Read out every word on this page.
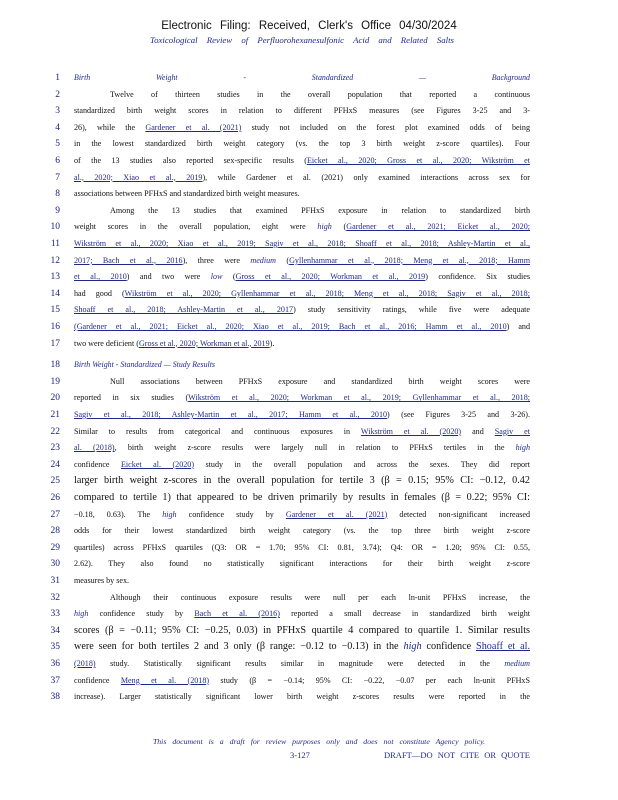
Electronic Filing: Received, Clerk's Office 04/30/2024
Toxicological Review of Perfluorohexanesulfonic Acid and Related Salts
1 Birth Weight - Standardized — Background
2	Twelve of thirteen studies in the overall population that reported a continuous
3 standardized birth weight scores in relation to different PFHxS measures (see Figures 3-25 and 3-
4 26), while the Gardener et al. (2021) study not included on the forest plot examined odds of being
5 in the lowest standardized birth weight category (vs. the top 3 birth weight z-score quartiles). Four
6 of the 13 studies also reported sex-specific results (Eicket al., 2020; Gross et al., 2020; Wikström et
7 al., 2020; Xiao et al., 2019), while Gardener et al. (2021) only examined interactions across sex for
8 associations between PFHxS and standardized birth weight measures.
9	Among the 13 studies that examined PFHxS exposure in relation to standardized birth
10 weight scores in the overall population, eight were high (Gardener et al., 2021; Eicket al., 2020;
11 Wikström et al., 2020; Xiao et al., 2019; Sagiv et al., 2018; Shoaff et al., 2018; Ashley-Martin et al.,
12 2017; Bach et al., 2016), three were medium (Gyllenhammar et al., 2018; Meng et al., 2018; Hamm
13 et al., 2010) and two were low (Gross et al., 2020; Workman et al., 2019) confidence. Six studies
14 had good (Wikström et al., 2020; Gyllenhammar et al., 2018; Meng et al., 2018; Sagiv et al., 2018;
15 Shoaff et al., 2018; Ashley-Martin et al., 2017) study sensitivity ratings, while five were adequate
16 (Gardener et al., 2021; Eicket al., 2020; Xiao et al., 2019; Bach et al., 2016; Hamm et al., 2010) and
17 two were deficient (Gross et al., 2020; Workman et al., 2019).
18 Birth Weight - Standardized — Study Results
19	Null associations between PFHxS exposure and standardized birth weight scores were
20 reported in six studies (Wikström et al., 2020; Workman et al., 2019; Gyllenhammar et al., 2018;
21 Sagiv et al., 2018; Ashley-Martin et al., 2017; Hamm et al., 2010) (see Figures 3-25 and 3-26).
22 Similar to results from categorical and continuous exposures in Wikström et al. (2020) and Sagiv et
23 al. (2018), birth weight z-score results were largely null in relation to PFHxS tertiles in the high
24 confidence Eicket al. (2020) study in the overall population and across the sexes. They did report
25 larger birth weight z-scores in the overall population for tertile 3 (β = 0.15; 95% CI: −0.12, 0.42
26 compared to tertile 1) that appeared to be driven primarily by results in females (β = 0.22; 95% CI:
27 −0.18, 0.63). The high confidence study by Gardener et al. (2021) detected non-significant increased
28 odds for their lowest standardized birth weight category (vs. the top three birth weight z-score
29 quartiles) across PFHxS quartiles (Q3: OR = 1.70; 95% CI: 0.81, 3.74); Q4: OR = 1.20; 95% CI: 0.55,
30 2.62). They also found no statistically significant interactions for their birth weight z-score
31 measures by sex.
32	Although their continuous exposure results were null per each ln-unit PFHxS increase, the
33 high confidence study by Bach et al. (2016) reported a small decrease in standardized birth weight
34 scores (β = −0.11; 95% CI: −0.25, 0.03) in PFHxS quartile 4 compared to quartile 1. Similar results
35 were seen for both tertiles 2 and 3 only (β range: −0.12 to −0.13) in the high confidence Shoaff et al.
36 (2018) study. Statistically significant results similar in magnitude were detected in the medium
37 confidence Meng et al. (2018) study (β = −0.14; 95% CI: −0.22, −0.07 per each ln-unit PFHxS
38 increase). Larger statistically significant lower birth weight z-scores results were reported in the
This document is a draft for review purposes only and does not constitute Agency policy.
3-127	DRAFT—DO NOT CITE OR QUOTE
